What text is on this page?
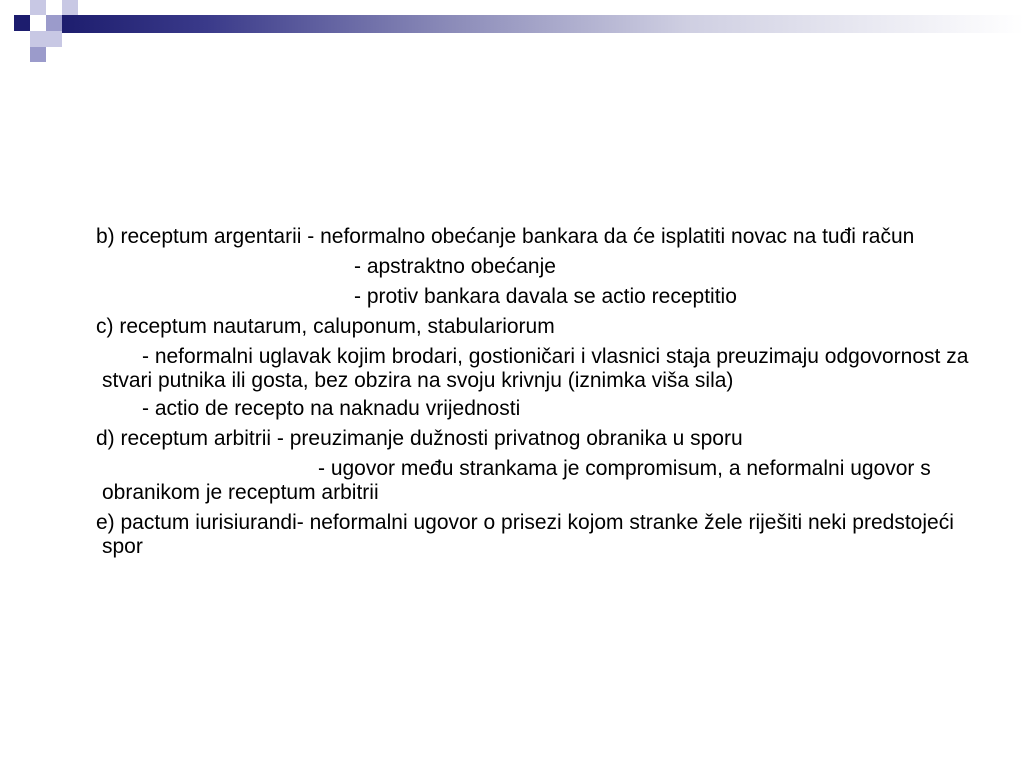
b) receptum argentarii - neformalno obećanje bankara da će isplatiti novac na tuđi račun

- apstraktno obećanje

- protiv bankara davala se actio receptitio

c) receptum nautarum, caluponum, stabulariorum

- neformalni uglavak kojim brodari, gostioničari i vlasnici staja preuzimaju odgovornost za stvari putnika ili gosta, bez obzira na svoju krivnju (iznimka viša sila)

- actio de recepto na naknadu vrijednosti

d) receptum arbitrii - preuzimanje dužnosti privatnog obranika u sporu

- ugovor među strankama je compromisum, a neformalni ugovor s obranikom je receptum arbitrii

e) pactum iurisiurandi- neformalni ugovor o prisezi kojom stranke žele riješiti neki predstojeći spor
